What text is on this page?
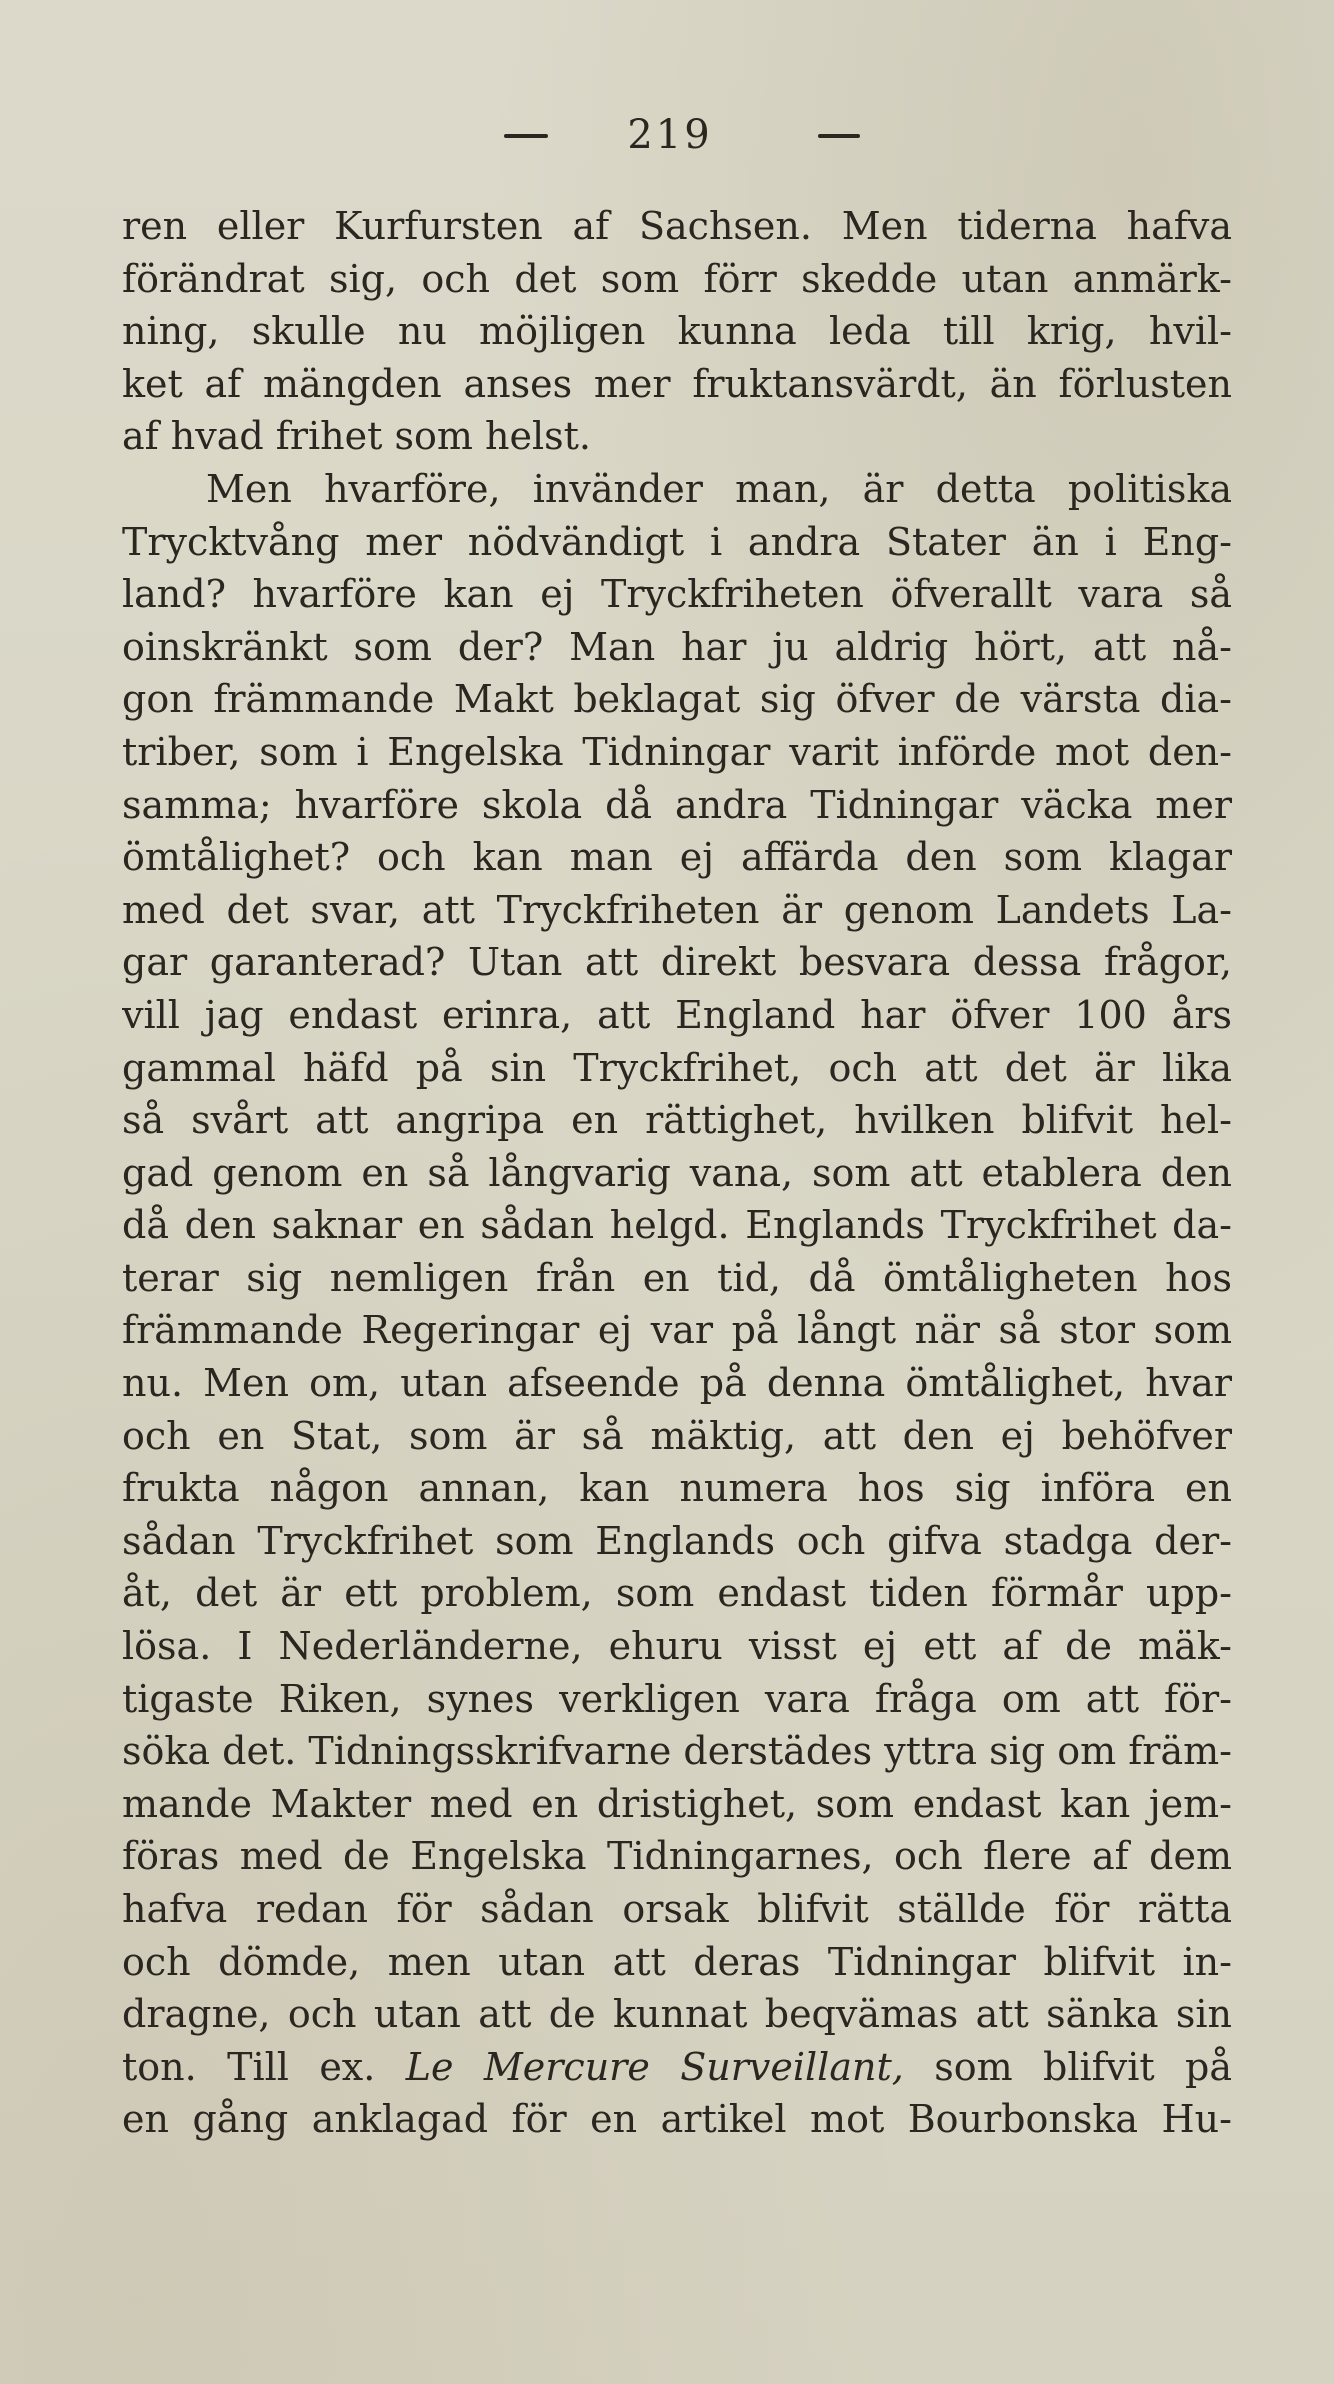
219
ren eller Kurfursten af Sachsen. Men tiderna hafva
förändrat sig, och det som förr skedde utan anmärk-
ning, skulle nu möjligen kunna leda till krig, hvil-
ket af mängden anses mer fruktansvärdt, än förlusten
af hvad frihet som helst.
Men hvarföre, invänder man, är detta politiska
Trycktvång mer nödvändigt i andra Stater än i Eng-
land? hvarföre kan ej Tryckfriheten öfverallt vara så
oinskränkt som der? Man har ju aldrig hört, att nå-
gon främmande Makt beklagat sig öfver de värsta dia-
triber, som i Engelska Tidningar varit införde mot den-
samma; hvarföre skola då andra Tidningar väcka mer
ömtålighet? och kan man ej affärda den som klagar
med det svar, att Tryckfriheten är genom Landets La-
gar garanterad? Utan att direkt besvara dessa frågor,
vill jag endast erinra, att England har öfver 100 års
gammal häfd på sin Tryckfrihet, och att det är lika
så svårt att angripa en rättighet, hvilken blifvit hel-
gad genom en så långvarig vana, som att etablera den
då den saknar en sådan helgd. Englands Tryckfrihet da-
terar sig nemligen från en tid, då ömtåligheten hos
främmande Regeringar ej var på långt när så stor som
nu. Men om, utan afseende på denna ömtålighet, hvar
och en Stat, som är så mäktig, att den ej behöfver
frukta någon annan, kan numera hos sig införa en
sådan Tryckfrihet som Englands och gifva stadga der-
åt, det är ett problem, som endast tiden förmår upp-
lösa. I Nederländerne, ehuru visst ej ett af de mäk-
tigaste Riken, synes verkligen vara fråga om att för-
söka det. Tidningsskrifvarne derstädes yttra sig om främ-
mande Makter med en dristighet, som endast kan jem-
föras med de Engelska Tidningarnes, och flere af dem
hafva redan för sådan orsak blifvit ställde för rätta
och dömde, men utan att deras Tidningar blifvit in-
dragne, och utan att de kunnat beqvämas att sänka sin
ton. Till ex. Le Mercure Surveillant, som blifvit på
en gång anklagad för en artikel mot Bourbonska Hu-
